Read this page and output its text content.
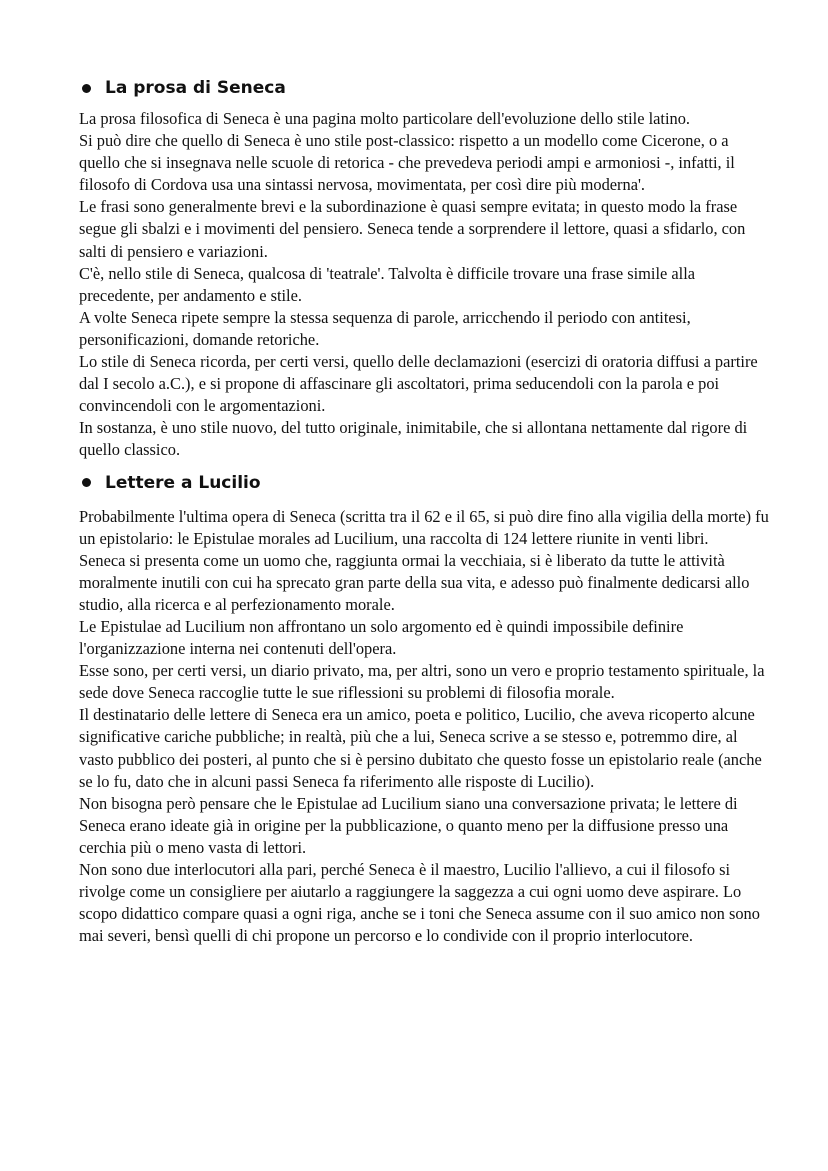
La prosa di Seneca

La prosa filosofica di Seneca è una pagina molto particolare dell'evoluzione dello stile latino.

Si può dire che quello di Seneca è uno stile post-classico: rispetto a un modello come Cicerone, o a quello che si insegnava nelle scuole di retorica - che prevedeva periodi ampi e armoniosi -, infatti, il filosofo di Cordova usa una sintassi nervosa, movimentata, per così dire più moderna'.

Le frasi sono generalmente brevi e la subordinazione è quasi sempre evitata; in questo modo la frase segue gli sbalzi e i movimenti del pensiero. Seneca tende a sorprendere il lettore, quasi a sfidarlo, con salti di pensiero e variazioni.

C'è, nello stile di Seneca, qualcosa di 'teatrale'. Talvolta è difficile trovare una frase simile alla precedente, per andamento e stile.

A volte Seneca ripete sempre la stessa sequenza di parole, arricchendo il periodo con antitesi, personificazioni, domande retoriche.

Lo stile di Seneca ricorda, per certi versi, quello delle declamazioni (esercizi di oratoria diffusi a partire dal I secolo a.C.), e si propone di affascinare gli ascoltatori, prima seducendoli con la parola e poi convincendoli con le argomentazioni.

In sostanza, è uno stile nuovo, del tutto originale, inimitabile, che si allontana nettamente dal rigore di quello classico.

Lettere a Lucilio

Probabilmente l'ultima opera di Seneca (scritta tra il 62 e il 65, si può dire fino alla vigilia della morte) fu un epistolario: le Epistulae morales ad Lucilium, una raccolta di 124 lettere riunite in venti libri.

Seneca si presenta come un uomo che, raggiunta ormai la vecchiaia, si è liberato da tutte le attività moralmente inutili con cui ha sprecato gran parte della sua vita, e adesso può finalmente dedicarsi allo studio, alla ricerca e al perfezionamento morale.

Le Epistulae ad Lucilium non affrontano un solo argomento ed è quindi impossibile definire l'organizzazione interna nei contenuti dell'opera.

Esse sono, per certi versi, un diario privato, ma, per altri, sono un vero e proprio testamento spirituale, la sede dove Seneca raccoglie tutte le sue riflessioni su problemi di filosofia morale.

Il destinatario delle lettere di Seneca era un amico, poeta e politico, Lucilio, che aveva ricoperto alcune significative cariche pubbliche; in realtà, più che a lui, Seneca scrive a se stesso e, potremmo dire, al vasto pubblico dei posteri, al punto che si è persino dubitato che questo fosse un epistolario reale (anche se lo fu, dato che in alcuni passi Seneca fa riferimento alle risposte di Lucilio).

Non bisogna però pensare che le Epistulae ad Lucilium siano una conversazione privata; le lettere di Seneca erano ideate già in origine per la pubblicazione, o quanto meno per la diffusione presso una cerchia più o meno vasta di lettori.

Non sono due interlocutori alla pari, perché Seneca è il maestro, Lucilio l'allievo, a cui il filosofo si rivolge come un consigliere per aiutarlo a raggiungere la saggezza a cui ogni uomo deve aspirare. Lo scopo didattico compare quasi a ogni riga, anche se i toni che Seneca assume con il suo amico non sono mai severi, bensì quelli di chi propone un percorso e lo condivide con il proprio interlocutore.
